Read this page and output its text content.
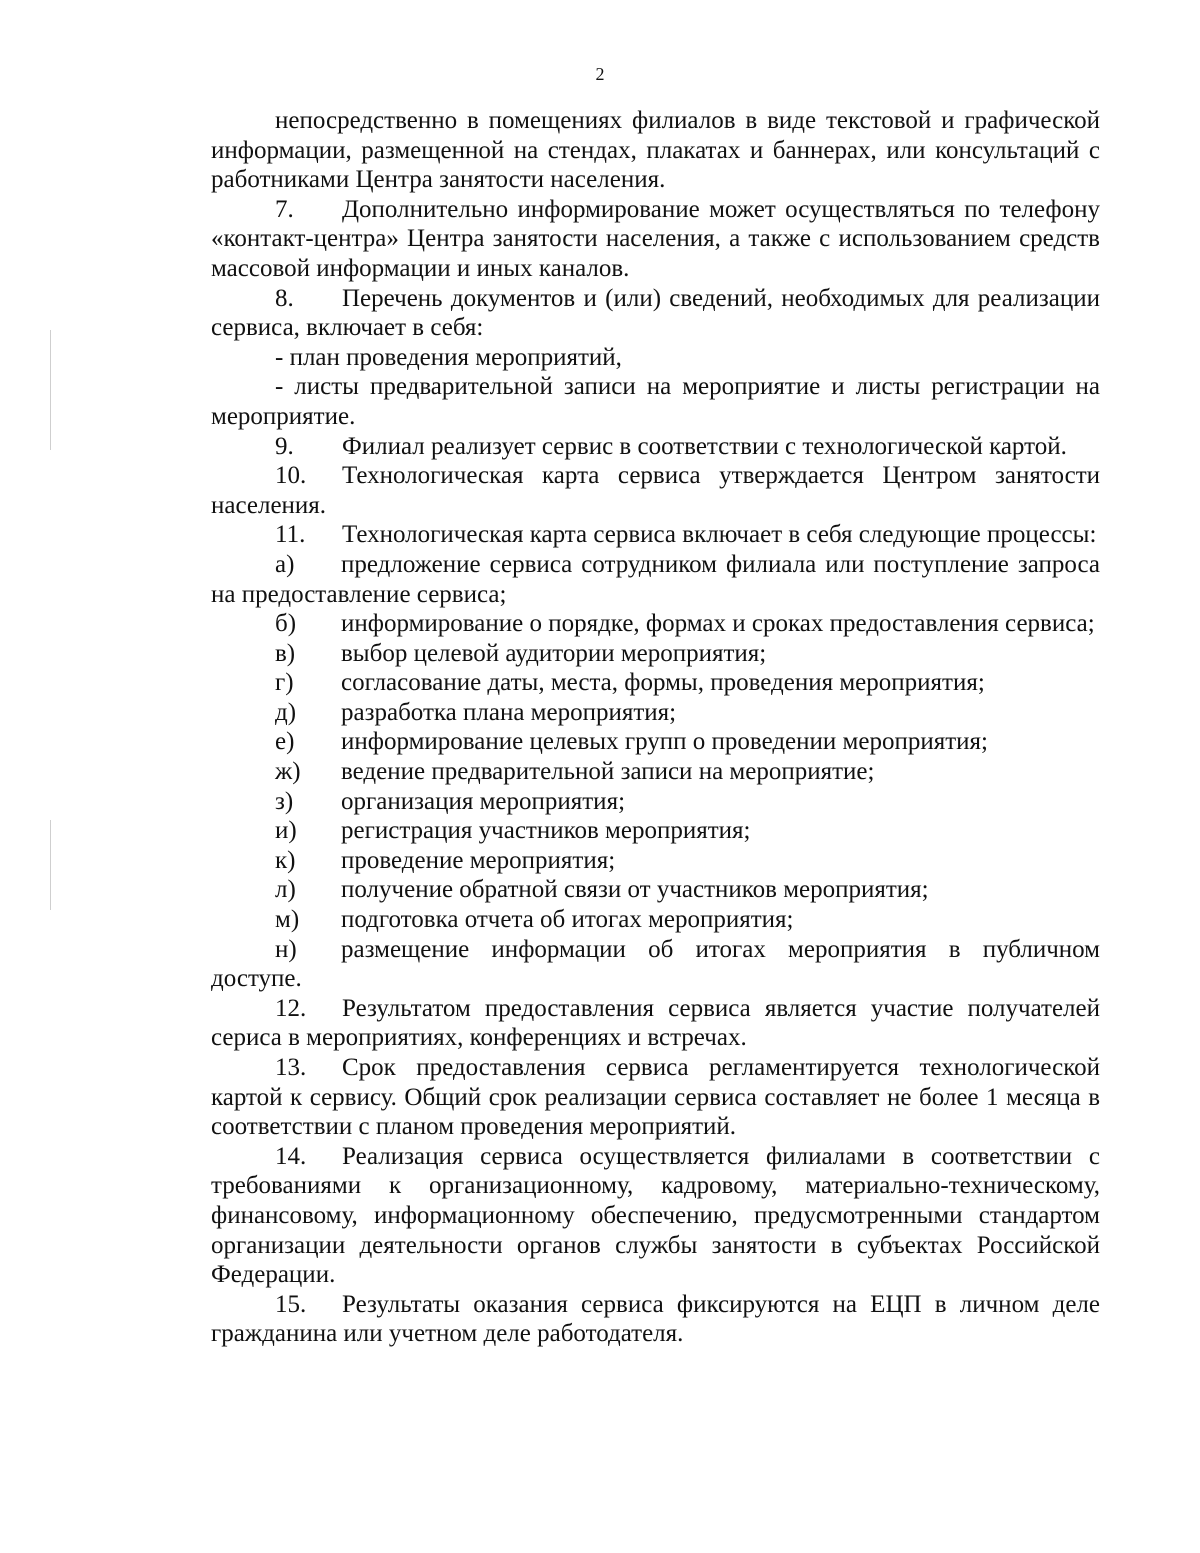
2

непосредственно в помещениях филиалов в виде текстовой и графической информации, размещенной на стендах, плакатах и баннерах, или консультаций с работниками Центра занятости населения.

7. Дополнительно информирование может осуществляться по телефону «контакт-центра» Центра занятости населения, а также с использованием средств массовой информации и иных каналов.

8. Перечень документов и (или) сведений, необходимых для реализации сервиса, включает в себя:

- план проведения мероприятий,

- листы предварительной записи на мероприятие и листы регистрации на мероприятие.

9. Филиал реализует сервис в соответствии с технологической картой.

10. Технологическая карта сервиса утверждается Центром занятости населения.

11. Технологическая карта сервиса включает в себя следующие процессы:

а) предложение сервиса сотрудником филиала или поступление запроса на предоставление сервиса;

б) информирование о порядке, формах и сроках предоставления сервиса;

в) выбор целевой аудитории мероприятия;

г) согласование даты, места, формы, проведения мероприятия;

д) разработка плана мероприятия;

е) информирование целевых групп о проведении мероприятия;

ж) ведение предварительной записи на мероприятие;

з) организация мероприятия;

и) регистрация участников мероприятия;

к) проведение мероприятия;

л) получение обратной связи от участников мероприятия;

м) подготовка отчета об итогах мероприятия;

н) размещение информации об итогах мероприятия в публичном доступе.

12. Результатом предоставления сервиса является участие получателей сериса в мероприятиях, конференциях и встречах.

13. Срок предоставления сервиса регламентируется технологической картой к сервису. Общий срок реализации сервиса составляет не более 1 месяца в соответствии с планом проведения мероприятий.

14. Реализация сервиса осуществляется филиалами в соответствии с требованиями к организационному, кадровому, материально-техническому, финансовому, информационному обеспечению, предусмотренными стандартом организации деятельности органов службы занятости в субъектах Российской Федерации.

15. Результаты оказания сервиса фиксируются на ЕЦП в личном деле гражданина или учетном деле работодателя.
